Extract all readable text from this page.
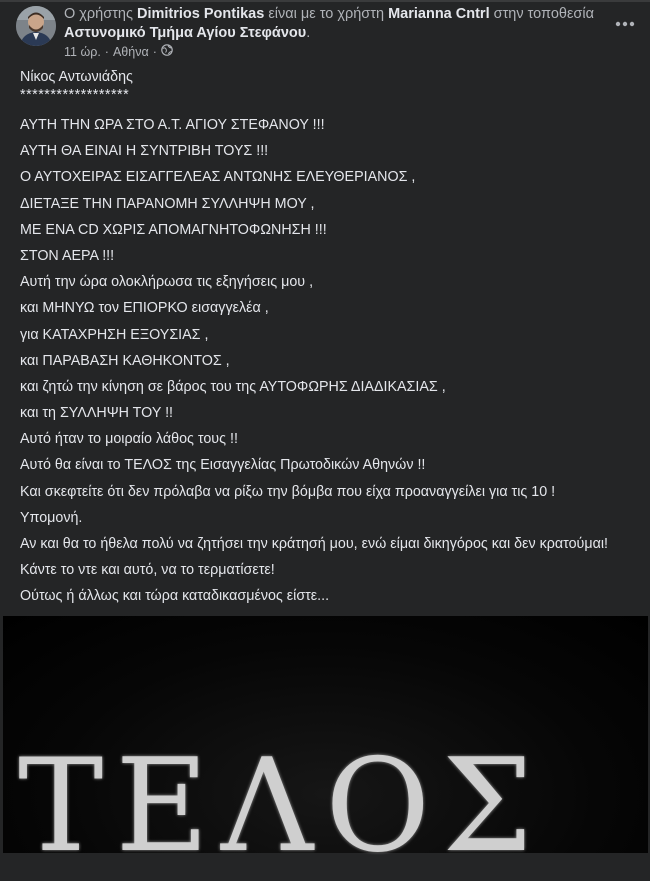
Ο χρήστης Dimitrios Pontikas είναι με το χρήστη Marianna Cntrl στην τοποθεσία Αστυνομικό Τμήμα Αγίου Στεφάνου.
11 ώρ. · Αθήνα ·
Νίκος Αντωνιάδης
******************
ΑΥΤΗ ΤΗΝ ΩΡΑ ΣΤΟ Α.Τ. ΑΓΙΟΥ ΣΤΕΦΑΝΟΥ !!!
ΑΥΤΗ ΘΑ ΕΙΝΑΙ Η ΣΥΝΤΡΙΒΗ ΤΟΥΣ !!!
Ο ΑΥΤΟΧΕΙΡΑΣ ΕΙΣΑΓΓΕΛΕΑΣ ΑΝΤΩΝΗΣ ΕΛΕΥΘΕΡΙΑΝΟΣ ,
ΔΙΕΤΑΞΕ ΤΗΝ ΠΑΡΑΝΟΜΗ ΣΥΛΛΗΨΗ ΜΟΥ ,
ΜΕ ΕΝΑ CD ΧΩΡΙΣ ΑΠΟΜΑΓΝΗΤΟΦΩΝΗΣΗ !!!
ΣΤΟΝ ΑΕΡΑ !!!
Αυτή την ώρα ολοκλήρωσα τις εξηγήσεις μου ,
και ΜΗΝΥΩ τον ΕΠΙΟΡΚΟ εισαγγελέα ,
για ΚΑΤΑΧΡΗΣΗ ΕΞΟΥΣΙΑΣ ,
και ΠΑΡΑΒΑΣΗ ΚΑΘΗΚΟΝΤΟΣ ,
και ζητώ την κίνηση σε βάρος του της ΑΥΤΟΦΩΡΗΣ ΔΙΑΔΙΚΑΣΙΑΣ ,
και τη ΣΥΛΛΗΨΗ ΤΟΥ !!
Αυτό ήταν το μοιραίο λάθος τους !!
Αυτό θα είναι το ΤΕΛΟΣ της Εισαγγελίας Πρωτοδικών Αθηνών !!
Και σκεφτείτε ότι δεν πρόλαβα να ρίξω την βόμβα που είχα προαναγγείλει για τις 10 !
Υπομονή.
Αν και θα το ήθελα πολύ να ζητήσει την κράτησή μου, ενώ είμαι δικηγόρος και δεν κρατούμαι!
Κάντε το ντε και αυτό, να το τερματίσετε!
Ούτως ή άλλως και τώρα καταδικασμένος είστε...
ΤΕΛΟΣ
